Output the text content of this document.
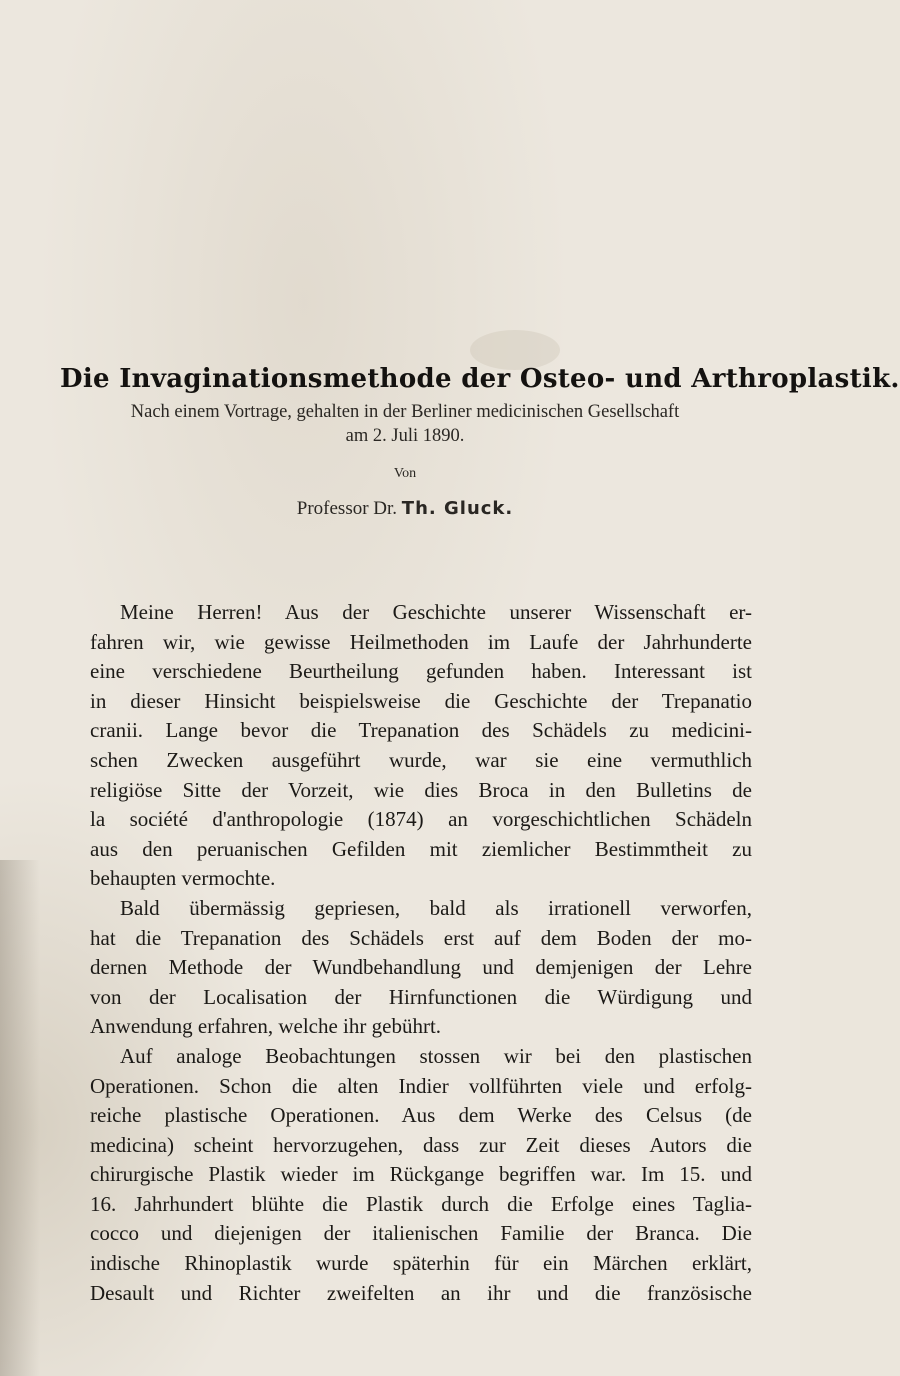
Die Invaginationsmethode der Osteo- und Arthroplastik.
Nach einem Vortrage, gehalten in der Berliner medicinischen Gesellschaft
am 2. Juli 1890.
Von
Professor Dr. Th. Gluck.
Meine Herren! Aus der Geschichte unserer Wissenschaft er-
fahren wir, wie gewisse Heilmethoden im Laufe der Jahrhunderte
eine verschiedene Beurtheilung gefunden haben. Interessant ist
in dieser Hinsicht beispielsweise die Geschichte der Trepanatio
cranii. Lange bevor die Trepanation des Schädels zu medicini-
schen Zwecken ausgeführt wurde, war sie eine vermuthlich
religiöse Sitte der Vorzeit, wie dies Broca in den Bulletins de
la société d'anthropologie (1874) an vorgeschichtlichen Schädeln
aus den peruanischen Gefilden mit ziemlicher Bestimmtheit zu
behaupten vermochte.
Bald übermässig gepriesen, bald als irrationell verworfen,
hat die Trepanation des Schädels erst auf dem Boden der mo-
dernen Methode der Wundbehandlung und demjenigen der Lehre
von der Localisation der Hirnfunctionen die Würdigung und
Anwendung erfahren, welche ihr gebührt.
Auf analoge Beobachtungen stossen wir bei den plastischen
Operationen. Schon die alten Indier vollführten viele und erfolg-
reiche plastische Operationen. Aus dem Werke des Celsus (de
medicina) scheint hervorzugehen, dass zur Zeit dieses Autors die
chirurgische Plastik wieder im Rückgange begriffen war. Im 15. und
16. Jahrhundert blühte die Plastik durch die Erfolge eines Taglia-
cocco und diejenigen der italienischen Familie der Branca. Die
indische Rhinoplastik wurde späterhin für ein Märchen erklärt,
Desault und Richter zweifelten an ihr und die französische
